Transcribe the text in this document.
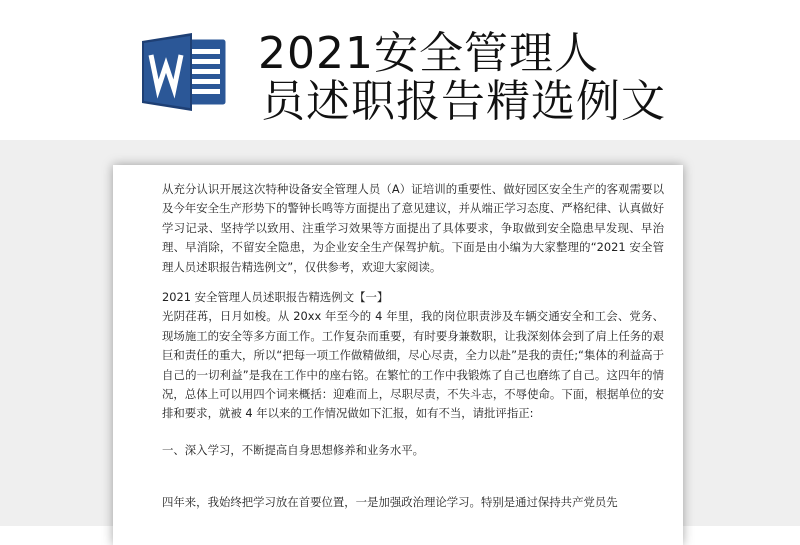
2021安全管理人
员述职报告精选例文

从充分认识开展这次特种设备安全管理人员（A）证培训的重要性、做好园区安全生产的客观需要以及今年安全生产形势下的警钟长鸣等方面提出了意见建议，并从端正学习态度、严格纪律、认真做好学习记录、坚持学以致用、注重学习效果等方面提出了具体要求，争取做到安全隐患早发现、早治理、早消除，不留安全隐患，为企业安全生产保驾护航。下面是由小编为大家整理的“2021 安全管理人员述职报告精选例文”，仅供参考，欢迎大家阅读。

2021 安全管理人员述职报告精选例文【一】

光阴荏苒，日月如梭。从 20xx 年至今的 4 年里，我的岗位职责涉及车辆交通安全和工会、党务、现场施工的安全等多方面工作。工作复杂而重要，有时要身兼数职，让我深刻体会到了肩上任务的艰巨和责任的重大，所以“把每一项工作做精做细，尽心尽责，全力以赴”是我的责任;“集体的利益高于自己的一切利益”是我在工作中的座右铭。在繁忙的工作中我锻炼了自己也磨练了自己。这四年的情况，总体上可以用四个词来概括：迎难而上，尽职尽责，不失斗志，不辱使命。下面，根据单位的安排和要求，就被 4 年以来的工作情况做如下汇报，如有不当，请批评指正:

一、深入学习，不断提高自身思想修养和业务水平。

四年来，我始终把学习放在首要位置，一是加强政治理论学习。特别是通过保持共产党员先
